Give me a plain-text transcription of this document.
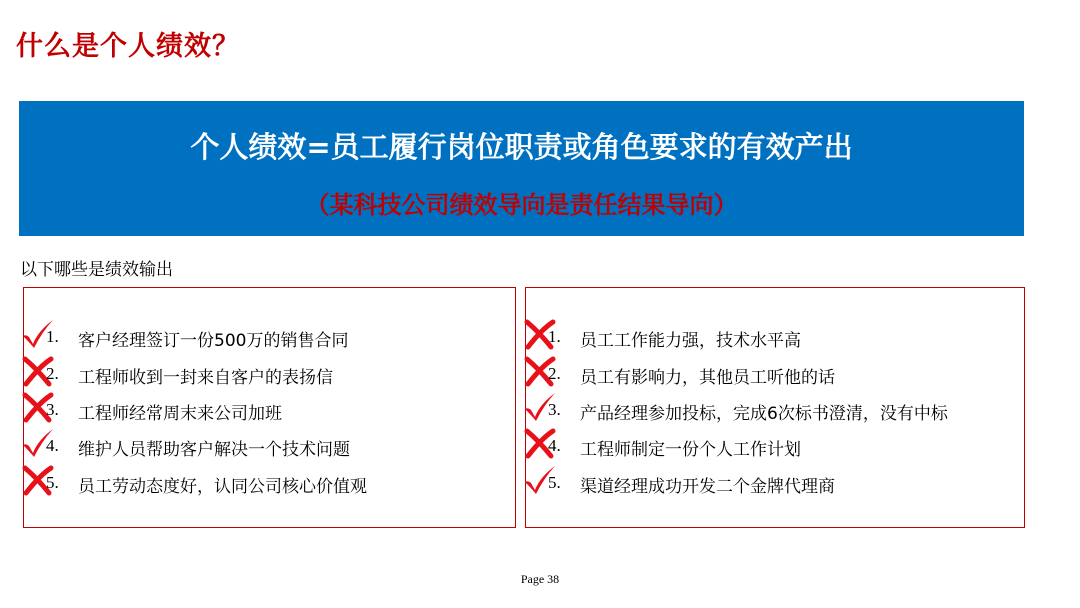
什么是个人绩效？
个人绩效=员工履行岗位职责或角色要求的有效产出
（某科技公司绩效导向是责任结果导向）
以下哪些是绩效输出
1. 客户经理签订一份500万的销售合同
2. 工程师收到一封来自客户的表扬信
3. 工程师经常周末来公司加班
4. 维护人员帮助客户解决一个技术问题
5. 员工劳动态度好，认同公司核心价值观
1. 员工工作能力强，技术水平高
2. 员工有影响力，其他员工听他的话
3. 产品经理参加投标，完成6次标书澄清，没有中标
4. 工程师制定一份个人工作计划
5. 渠道经理成功开发二个金牌代理商
Page 38
